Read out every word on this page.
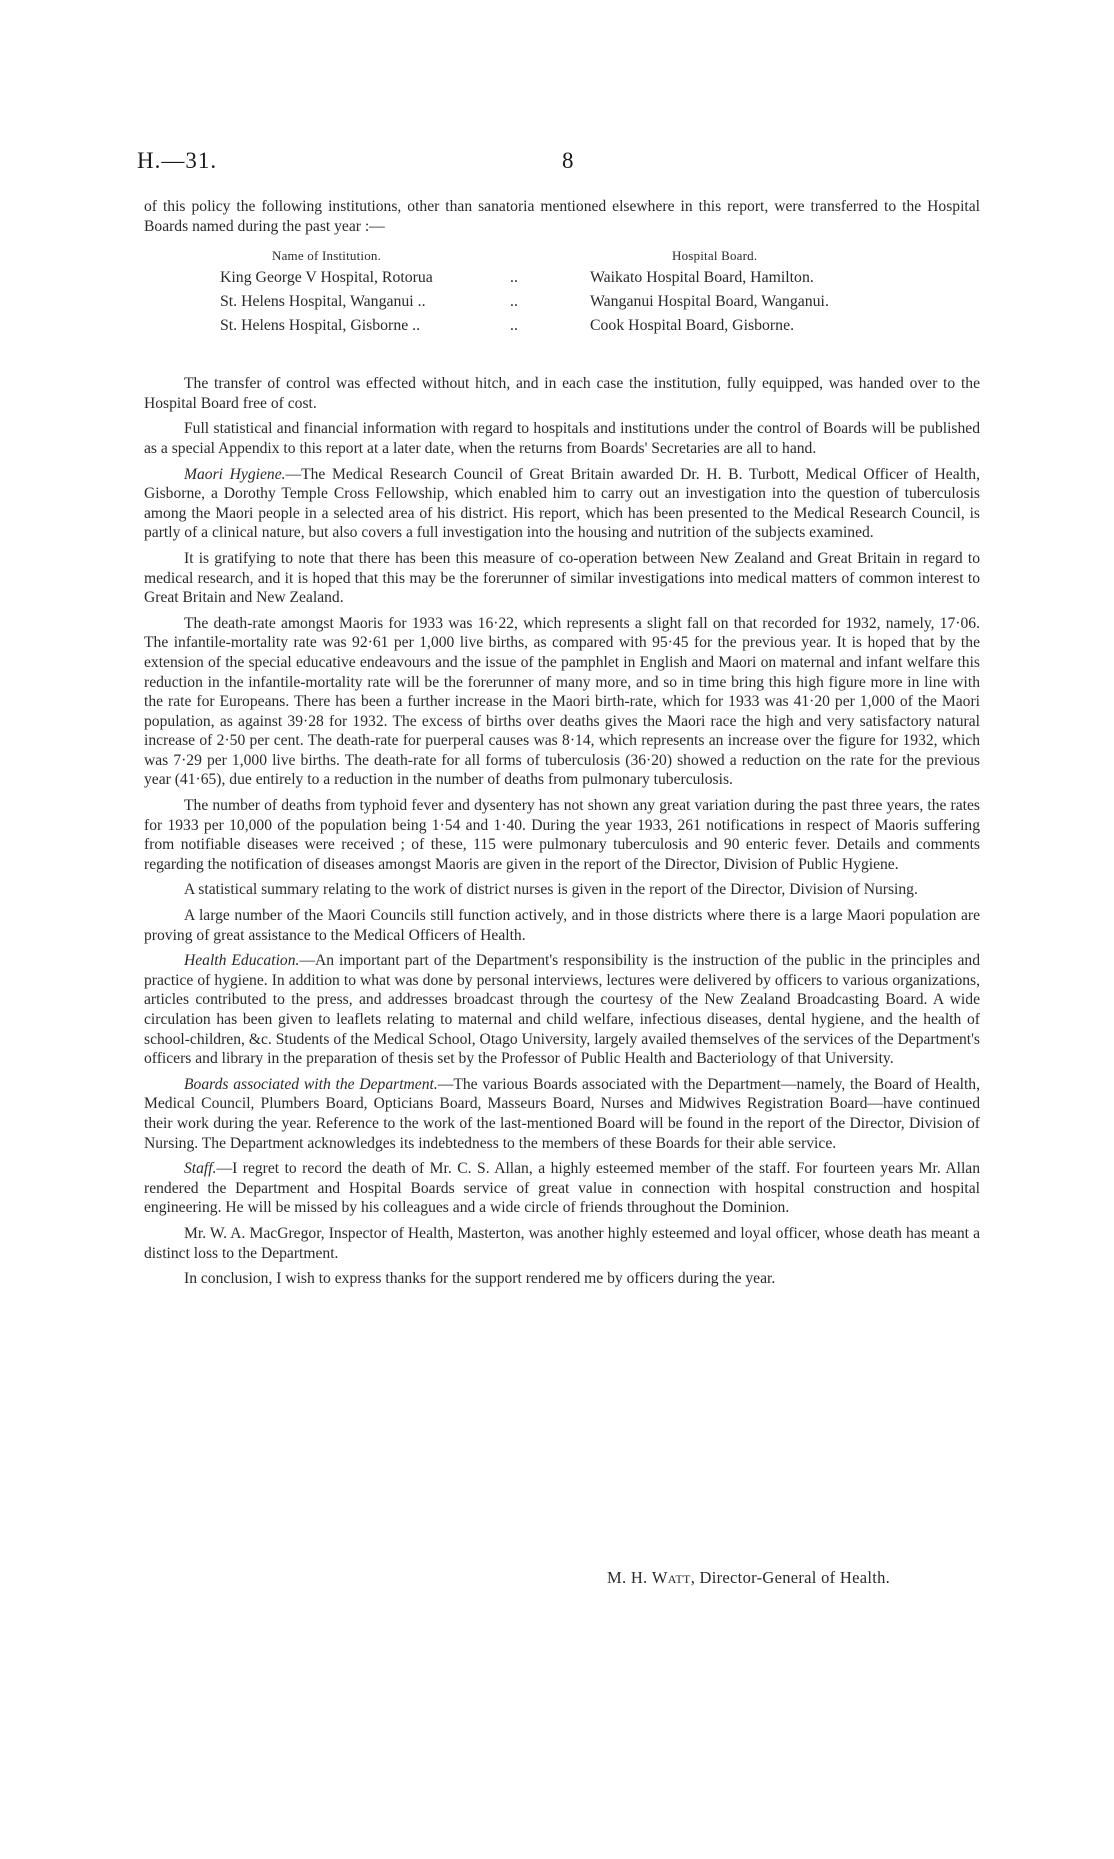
H.—31.	8

of this policy the following institutions, other than sanatoria mentioned elsewhere in this report, were transferred to the Hospital Boards named during the past year :—

Name of Institution.	Hospital Board.
King George V Hospital, Rotorua	..	Waikato Hospital Board, Hamilton.
St. Helens Hospital, Wanganui ..	..	Wanganui Hospital Board, Wanganui.
St. Helens Hospital, Gisborne ..	..	Cook Hospital Board, Gisborne.

The transfer of control was effected without hitch, and in each case the institution, fully equipped, was handed over to the Hospital Board free of cost.

Full statistical and financial information with regard to hospitals and institutions under the control of Boards will be published as a special Appendix to this report at a later date, when the returns from Boards' Secretaries are all to hand.

Maori Hygiene.—The Medical Research Council of Great Britain awarded Dr. H. B. Turbott, Medical Officer of Health, Gisborne, a Dorothy Temple Cross Fellowship, which enabled him to carry out an investigation into the question of tuberculosis among the Maori people in a selected area of his district. His report, which has been presented to the Medical Research Council, is partly of a clinical nature, but also covers a full investigation into the housing and nutrition of the subjects examined.

It is gratifying to note that there has been this measure of co-operation between New Zealand and Great Britain in regard to medical research, and it is hoped that this may be the forerunner of similar investigations into medical matters of common interest to Great Britain and New Zealand.

The death-rate amongst Maoris for 1933 was 16·22, which represents a slight fall on that recorded for 1932, namely, 17·06. The infantile-mortality rate was 92·61 per 1,000 live births, as compared with 95·45 for the previous year. It is hoped that by the extension of the special educative endeavours and the issue of the pamphlet in English and Maori on maternal and infant welfare this reduction in the infantile-mortality rate will be the forerunner of many more, and so in time bring this high figure more in line with the rate for Europeans. There has been a further increase in the Maori birth-rate, which for 1933 was 41·20 per 1,000 of the Maori population, as against 39·28 for 1932. The excess of births over deaths gives the Maori race the high and very satisfactory natural increase of 2·50 per cent. The death-rate for puerperal causes was 8·14, which represents an increase over the figure for 1932, which was 7·29 per 1,000 live births. The death-rate for all forms of tuberculosis (36·20) showed a reduction on the rate for the previous year (41·65), due entirely to a reduction in the number of deaths from pulmonary tuberculosis.

The number of deaths from typhoid fever and dysentery has not shown any great variation during the past three years, the rates for 1933 per 10,000 of the population being 1·54 and 1·40. During the year 1933, 261 notifications in respect of Maoris suffering from notifiable diseases were received ; of these, 115 were pulmonary tuberculosis and 90 enteric fever. Details and comments regarding the notification of diseases amongst Maoris are given in the report of the Director, Division of Public Hygiene.

A statistical summary relating to the work of district nurses is given in the report of the Director, Division of Nursing.

A large number of the Maori Councils still function actively, and in those districts where there is a large Maori population are proving of great assistance to the Medical Officers of Health.

Health Education.—An important part of the Department's responsibility is the instruction of the public in the principles and practice of hygiene. In addition to what was done by personal interviews, lectures were delivered by officers to various organizations, articles contributed to the press, and addresses broadcast through the courtesy of the New Zealand Broadcasting Board. A wide circulation has been given to leaflets relating to maternal and child welfare, infectious diseases, dental hygiene, and the health of school-children, &c. Students of the Medical School, Otago University, largely availed themselves of the services of the Department's officers and library in the preparation of thesis set by the Professor of Public Health and Bacteriology of that University.

Boards associated with the Department.—The various Boards associated with the Department—namely, the Board of Health, Medical Council, Plumbers Board, Opticians Board, Masseurs Board, Nurses and Midwives Registration Board—have continued their work during the year. Reference to the work of the last-mentioned Board will be found in the report of the Director, Division of Nursing. The Department acknowledges its indebtedness to the members of these Boards for their able service.

Staff.—I regret to record the death of Mr. C. S. Allan, a highly esteemed member of the staff. For fourteen years Mr. Allan rendered the Department and Hospital Boards service of great value in connection with hospital construction and hospital engineering. He will be missed by his colleagues and a wide circle of friends throughout the Dominion.

Mr. W. A. MacGregor, Inspector of Health, Masterton, was another highly esteemed and loyal officer, whose death has meant a distinct loss to the Department.

In conclusion, I wish to express thanks for the support rendered me by officers during the year.

M. H. Watt, Director-General of Health.
